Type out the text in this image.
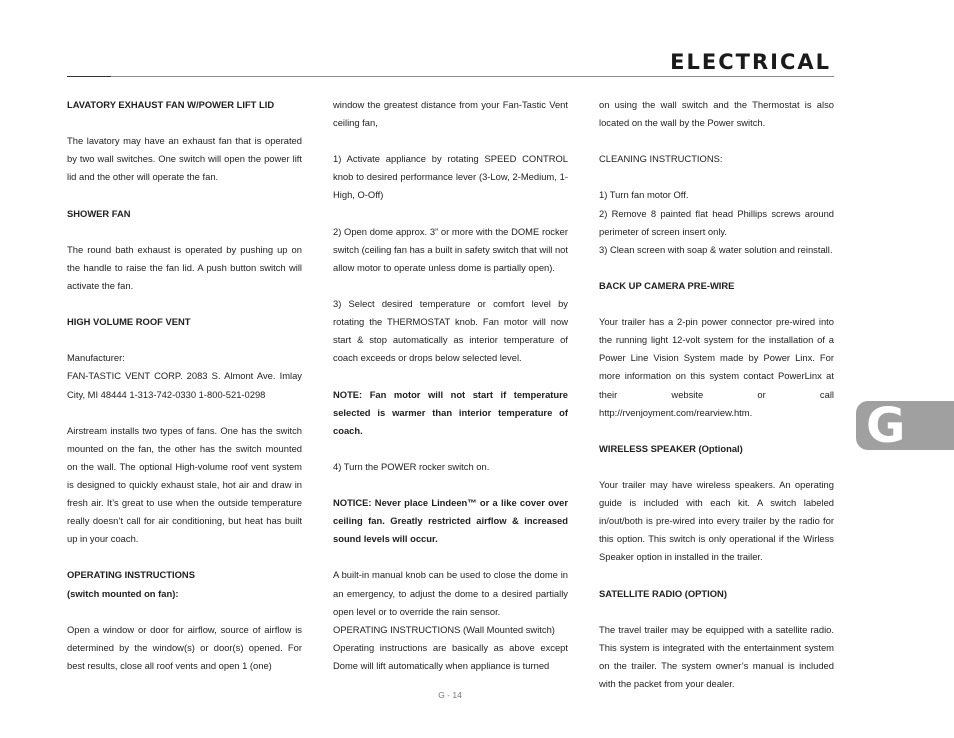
ELECTRICAL

LAVATORY EXHAUST FAN W/POWER LIFT LID

The lavatory may have an exhaust fan that is operated by two wall switches. One switch will open the power lift lid and the other will operate the fan.

SHOWER FAN

The round bath exhaust is operated by pushing up on the handle to raise the fan lid. A push button switch will activate the fan.

HIGH VOLUME ROOF VENT

Manufacturer:

FAN-TASTIC VENT CORP. 2083 S. Almont Ave. Imlay City, MI 48444 1-313-742-0330 1-800-521-0298

Airstream installs two types of fans. One has the switch mounted on the fan, the other has the switch mounted on the wall. The optional High-volume roof vent system is designed to quickly exhaust stale, hot air and draw in fresh air. It’s great to use when the outside temperature really doesn’t call for air conditioning, but heat has built up in your coach.

OPERATING INSTRUCTIONS

(switch mounted on fan):

Open a window or door for airflow, source of airflow is determined by the window(s) or door(s) opened. For best results, close all roof vents and open 1 (one)

window the greatest distance from your Fan-Tastic Vent ceiling fan,

1) Activate appliance by rotating SPEED CONTROL knob to desired performance lever (3-Low, 2-Medium, 1-High, O-Off)

2) Open dome approx. 3” or more with the DOME rocker switch (ceiling fan has a built in safety switch that will not allow motor to operate unless dome is partially open).

3) Select desired temperature or comfort level by rotating the THERMOSTAT knob. Fan motor will now start & stop automatically as interior temperature of coach exceeds or drops below selected level.

NOTE: Fan motor will not start if temperature selected is warmer than interior temperature of coach.

4) Turn the POWER rocker switch on.

NOTICE: Never place Lindeen™ or a like cover over ceiling fan. Greatly restricted airflow & increased sound levels will occur.

A built-in manual knob can be used to close the dome in an emergency, to adjust the dome to a desired partially open level or to override the rain sensor.

OPERATING INSTRUCTIONS (Wall Mounted switch)

Operating instructions are basically as above except Dome will lift automatically when appliance is turned

on using the wall switch and the Thermostat is also located on the wall by the Power switch.

CLEANING INSTRUCTIONS:

1) Turn fan motor Off.

2) Remove 8 painted flat head Phillips screws around perimeter of screen insert only.

3) Clean screen with soap & water solution and reinstall.

BACK UP CAMERA PRE-WIRE

Your trailer has a 2-pin power connector pre-wired into the running light 12-volt system for the installation of a Power Line Vision System made by Power Linx. For more information on this system contact PowerLinx at their website or call http://rvenjoyment.com/rearview.htm.

WIRELESS SPEAKER (Optional)

Your trailer may have wireless speakers. An operating guide is included with each kit. A switch labeled in/out/both is pre-wired into every trailer by the radio for this option. This switch is only operational if the Wirless Speaker option in installed in the trailer.

SATELLITE RADIO (OPTION)

The travel trailer may be equipped with a satellite radio. This system is integrated with the entertainment system on the trailer. The system owner’s manual is included with the packet from your dealer.

G
G - 14
